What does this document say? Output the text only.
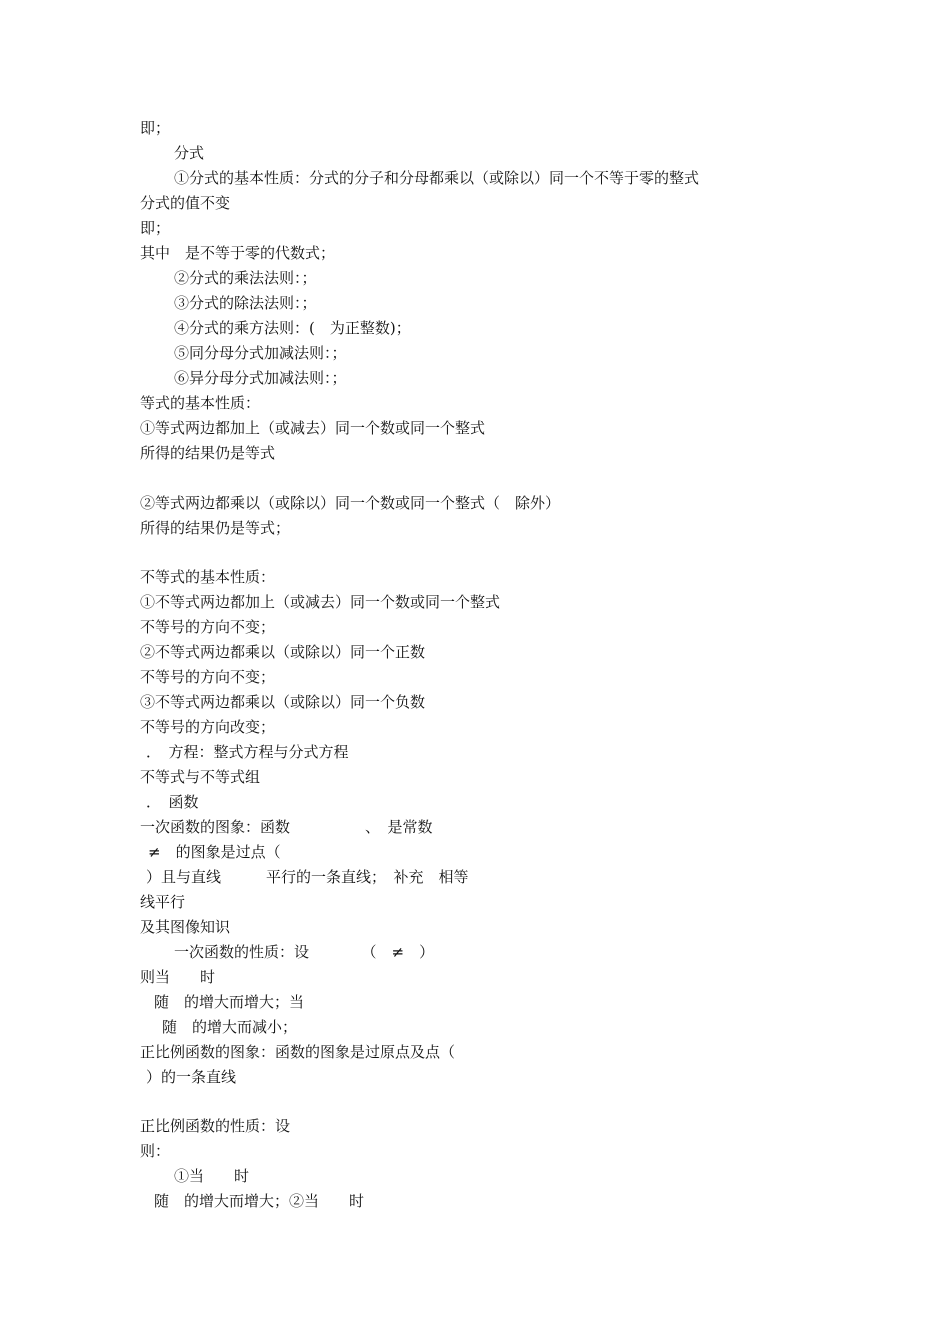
即；
分式
①分式的基本性质：分式的分子和分母都乘以（或除以）同一个不等于零的整式
分式的值不变
即；
其中　是不等于零的代数式；
②分式的乘法法则：；
③分式的除法法则：；
④分式的乘方法则：(　为正整数)；
⑤同分母分式加减法则：；
⑥异分母分式加减法则：；
等式的基本性质：
①等式两边都加上（或减去）同一个数或同一个整式
所得的结果仍是等式
②等式两边都乘以（或除以）同一个数或同一个整式（　除外）
所得的结果仍是等式；
不等式的基本性质：
①不等式两边都加上（或减去）同一个数或同一个整式
不等号的方向不变；
②不等式两边都乘以（或除以）同一个正数
不等号的方向不变；
③不等式两边都乘以（或除以）同一个负数
不等号的方向改变；
．　方程：整式方程与分式方程
不等式与不等式组
．　函数
一次函数的图象：函数　　　　　、　是常数
≠　的图象是过点（
）且与直线　　　平行的一条直线；　补充　相等
线平行
及其图像知识
一次函数的性质：设　　　　（　≠　）
则当　　时
随　的增大而增大；当
随　的增大而减小；
正比例函数的图象：函数的图象是过原点及点（
）的一条直线
正比例函数的性质：设
则：
①当　　时
随　的增大而增大；②当　　时
